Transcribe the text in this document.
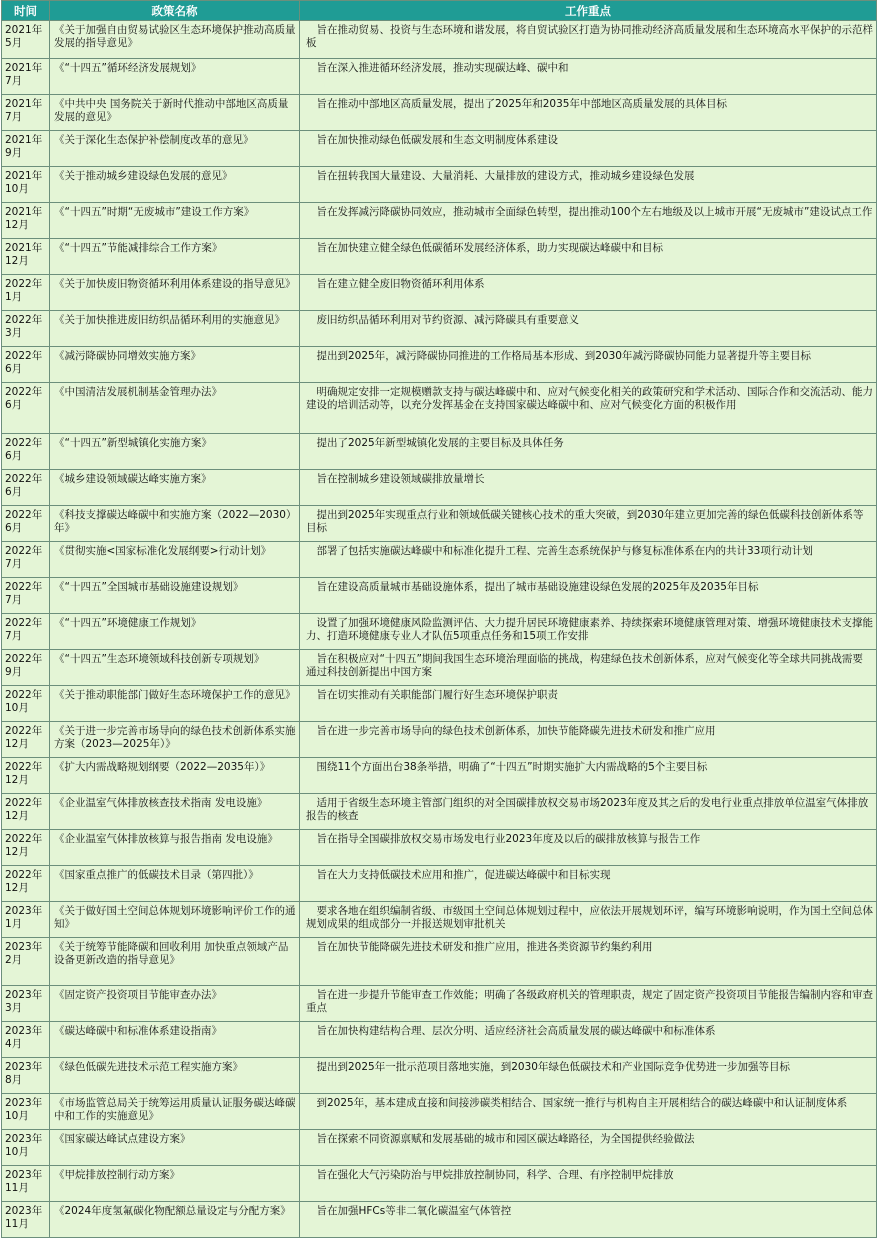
时间	政策名称	工作重点
2021年5月	《关于加强自由贸易试验区生态环境保护推动高质量发展的指导意见》	　旨在推动贸易、投资与生态环境和谐发展，将自贸试验区打造为协同推动经济高质量发展和生态环境高水平保护的示范样板
2021年7月	《“十四五”循环经济发展规划》	　旨在深入推进循环经济发展，推动实现碳达峰、碳中和
2021年7月	《中共中央 国务院关于新时代推动中部地区高质量发展的意见》	　旨在推动中部地区高质量发展，提出了2025年和2035年中部地区高质量发展的具体目标
2021年9月	《关于深化生态保护补偿制度改革的意见》	　旨在加快推动绿色低碳发展和生态文明制度体系建设
2021年10月	《关于推动城乡建设绿色发展的意见》	　旨在扭转我国大量建设、大量消耗、大量排放的建设方式，推动城乡建设绿色发展
2021年12月	《“十四五”时期“无废城市”建设工作方案》	　旨在发挥减污降碳协同效应，推动城市全面绿色转型，提出推动100个左右地级及以上城市开展“无废城市”建设试点工作
2021年12月	《“十四五”节能减排综合工作方案》	　旨在加快建立健全绿色低碳循环发展经济体系，助力实现碳达峰碳中和目标
2022年1月	《关于加快废旧物资循环利用体系建设的指导意见》	　旨在建立健全废旧物资循环利用体系
2022年3月	《关于加快推进废旧纺织品循环利用的实施意见》	　废旧纺织品循环利用对节约资源、减污降碳具有重要意义
2022年6月	《减污降碳协同增效实施方案》	　提出到2025年，减污降碳协同推进的工作格局基本形成、到2030年减污降碳协同能力显著提升等主要目标
2022年6月	《中国清洁发展机制基金管理办法》	　明确规定安排一定规模赠款支持与碳达峰碳中和、应对气候变化相关的政策研究和学术活动、国际合作和交流活动、能力建设的培训活动等，以充分发挥基金在支持国家碳达峰碳中和、应对气候变化方面的积极作用
2022年6月	《“十四五”新型城镇化实施方案》	　提出了2025年新型城镇化发展的主要目标及具体任务
2022年6月	《城乡建设领域碳达峰实施方案》	　旨在控制城乡建设领域碳排放量增长
2022年6月	《科技支撑碳达峰碳中和实施方案（2022—2030）年》	　提出到2025年实现重点行业和领域低碳关键核心技术的重大突破，到2030年建立更加完善的绿色低碳科技创新体系等目标
2022年7月	《贯彻实施<国家标准化发展纲要>行动计划》	　部署了包括实施碳达峰碳中和标准化提升工程、完善生态系统保护与修复标准体系在内的共计33项行动计划
2022年7月	《“十四五”全国城市基础设施建设规划》	　旨在建设高质量城市基础设施体系，提出了城市基础设施建设绿色发展的2025年及2035年目标
2022年7月	《“十四五”环境健康工作规划》	　设置了加强环境健康风险监测评估、大力提升居民环境健康素养、持续探索环境健康管理对策、增强环境健康技术支撑能力、打造环境健康专业人才队伍5项重点任务和15项工作安排
2022年9月	《“十四五”生态环境领域科技创新专项规划》	　旨在积极应对“十四五”期间我国生态环境治理面临的挑战，构建绿色技术创新体系，应对气候变化等全球共同挑战需要通过科技创新提出中国方案
2022年10月	《关于推动职能部门做好生态环境保护工作的意见》	　旨在切实推动有关职能部门履行好生态环境保护职责
2022年12月	《关于进一步完善市场导向的绿色技术创新体系实施方案（2023—2025年）》	　旨在进一步完善市场导向的绿色技术创新体系，加快节能降碳先进技术研发和推广应用
2022年12月	《扩大内需战略规划纲要（2022—2035年）》	　围绕11个方面出台38条举措，明确了“十四五”时期实施扩大内需战略的5个主要目标
2022年12月	《企业温室气体排放核查技术指南 发电设施》	　适用于省级生态环境主管部门组织的对全国碳排放权交易市场2023年度及其之后的发电行业重点排放单位温室气体排放报告的核查
2022年12月	《企业温室气体排放核算与报告指南 发电设施》	　旨在指导全国碳排放权交易市场发电行业2023年度及以后的碳排放核算与报告工作
2022年12月	《国家重点推广的低碳技术目录（第四批）》	　旨在大力支持低碳技术应用和推广，促进碳达峰碳中和目标实现
2023年1月	《关于做好国土空间总体规划环境影响评价工作的通知》	　要求各地在组织编制省级、市级国土空间总体规划过程中，应依法开展规划环评，编写环境影响说明，作为国土空间总体规划成果的组成部分一并报送规划审批机关
2023年2月	《关于统筹节能降碳和回收利用 加快重点领域产品设备更新改造的指导意见》	　旨在加快节能降碳先进技术研发和推广应用，推进各类资源节约集约利用
2023年3月	《固定资产投资项目节能审查办法》	　旨在进一步提升节能审查工作效能；明确了各级政府机关的管理职责，规定了固定资产投资项目节能报告编制内容和审查重点
2023年4月	《碳达峰碳中和标准体系建设指南》	　旨在加快构建结构合理、层次分明、适应经济社会高质量发展的碳达峰碳中和标准体系
2023年8月	《绿色低碳先进技术示范工程实施方案》	　提出到2025年一批示范项目落地实施，到2030年绿色低碳技术和产业国际竞争优势进一步加强等目标
2023年10月	《市场监管总局关于统筹运用质量认证服务碳达峰碳中和工作的实施意见》	　到2025年，基本建成直接和间接涉碳类相结合、国家统一推行与机构自主开展相结合的碳达峰碳中和认证制度体系
2023年10月	《国家碳达峰试点建设方案》	　旨在探索不同资源禀赋和发展基础的城市和园区碳达峰路径，为全国提供经验做法
2023年11月	《甲烷排放控制行动方案》	　旨在强化大气污染防治与甲烷排放控制协同，科学、合理、有序控制甲烷排放
2023年11月	《2024年度氢氟碳化物配额总量设定与分配方案》	　旨在加强HFCs等非二氧化碳温室气体管控
